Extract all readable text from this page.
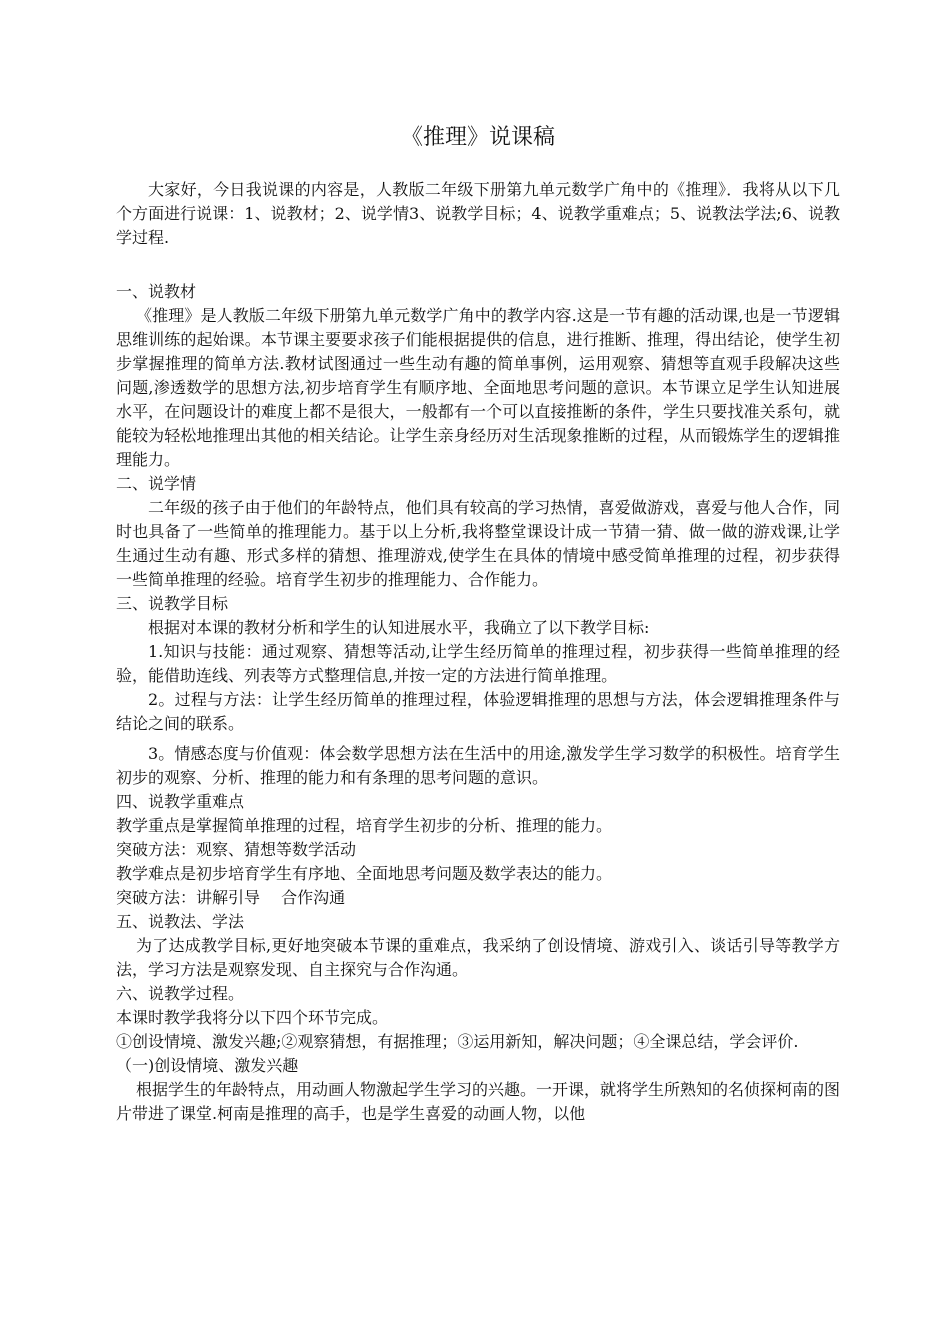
《推理》说课稿

大家好，今日我说课的内容是，人教版二年级下册第九单元数学广角中的《推理》．我将从以下几个方面进行说课：1、说教材；2、说学情3、说教学目标；4、说教学重难点；5、说教法学法;6、说教学过程.

一、说教材

《推理》是人教版二年级下册第九单元数学广角中的教学内容.这是一节有趣的活动课,也是一节逻辑思维训练的起始课。本节课主要要求孩子们能根据提供的信息，进行推断、推理，得出结论，使学生初步掌握推理的简单方法.教材试图通过一些生动有趣的简单事例，运用观察、猜想等直观手段解决这些问题,渗透数学的思想方法,初步培育学生有顺序地、全面地思考问题的意识。本节课立足学生认知进展水平，在问题设计的难度上都不是很大，一般都有一个可以直接推断的条件，学生只要找准关系句，就能较为轻松地推理出其他的相关结论。让学生亲身经历对生活现象推断的过程，从而锻炼学生的逻辑推理能力。

二、说学情

二年级的孩子由于他们的年龄特点，他们具有较高的学习热情，喜爱做游戏，喜爱与他人合作，同时也具备了一些简单的推理能力。基于以上分析,我将整堂课设计成一节猜一猜、做一做的游戏课,让学生通过生动有趣、形式多样的猜想、推理游戏,使学生在具体的情境中感受简单推理的过程，初步获得一些简单推理的经验。培育学生初步的推理能力、合作能力。

三、说教学目标

根据对本课的教材分析和学生的认知进展水平，我确立了以下教学目标:

1.知识与技能：通过观察、猜想等活动,让学生经历简单的推理过程，初步获得一些简单推理的经验，能借助连线、列表等方式整理信息,并按一定的方法进行简单推理。

2。过程与方法：让学生经历简单的推理过程，体验逻辑推理的思想与方法，体会逻辑推理条件与结论之间的联系。

3。情感态度与价值观：体会数学思想方法在生活中的用途,激发学生学习数学的积极性。培育学生初步的观察、分析、推理的能力和有条理的思考问题的意识。

四、说教学重难点

教学重点是掌握简单推理的过程，培育学生初步的分析、推理的能力。

突破方法：观察、猜想等数学活动

教学难点是初步培育学生有序地、全面地思考问题及数学表达的能力。

突破方法：讲解引导　 合作沟通

五、说教法、学法

为了达成教学目标,更好地突破本节课的重难点，我采纳了创设情境、游戏引入、谈话引导等教学方法，学习方法是观察发现、自主探究与合作沟通。

六、说教学过程。

本课时教学我将分以下四个环节完成。

①创设情境、激发兴趣;②观察猜想，有据推理；③运用新知，解决问题；④全课总结，学会评价.

（一)创设情境、激发兴趣

根据学生的年龄特点，用动画人物激起学生学习的兴趣。一开课，就将学生所熟知的名侦探柯南的图片带进了课堂.柯南是推理的高手，也是学生喜爱的动画人物，以他
